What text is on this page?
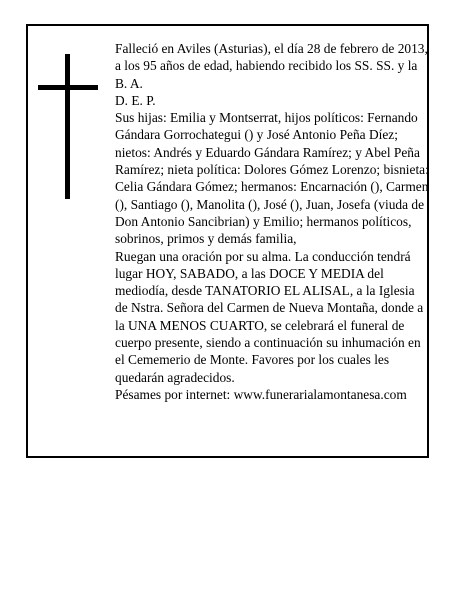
Falleció en Aviles (Asturias), el día 28 de febrero de 2013, a los 95 años de edad, habiendo recibido los SS. SS. y la B. A.

D. E. P.

Sus hijas: Emilia y Montserrat, hijos políticos: Fernando Gándara Gorrochategui () y José Antonio Peña Díez; nietos: Andrés y Eduardo Gándara Ramírez; y Abel Peña Ramírez; nieta política: Dolores Gómez Lorenzo; bisnieta: Celia Gándara Gómez; hermanos: Encarnación (), Carmen (), Santiago (), Manolita (), José (), Juan, Josefa (viuda de Don Antonio Sancibrian) y Emilio; hermanos políticos, sobrinos, primos y demás familia,

Ruegan una oración por su alma. La conducción tendrá lugar HOY, SABADO, a las DOCE Y MEDIA del mediodía, desde TANATORIO EL ALISAL, a la Iglesia de Nstra. Señora del Carmen de Nueva Montaña, donde a la UNA MENOS CUARTO, se celebrará el funeral de cuerpo presente, siendo a continuación su inhumación en el Cememerio de Monte. Favores por los cuales les quedarán agradecidos.

Pésames por internet: www.funerarialamontanesa.com
